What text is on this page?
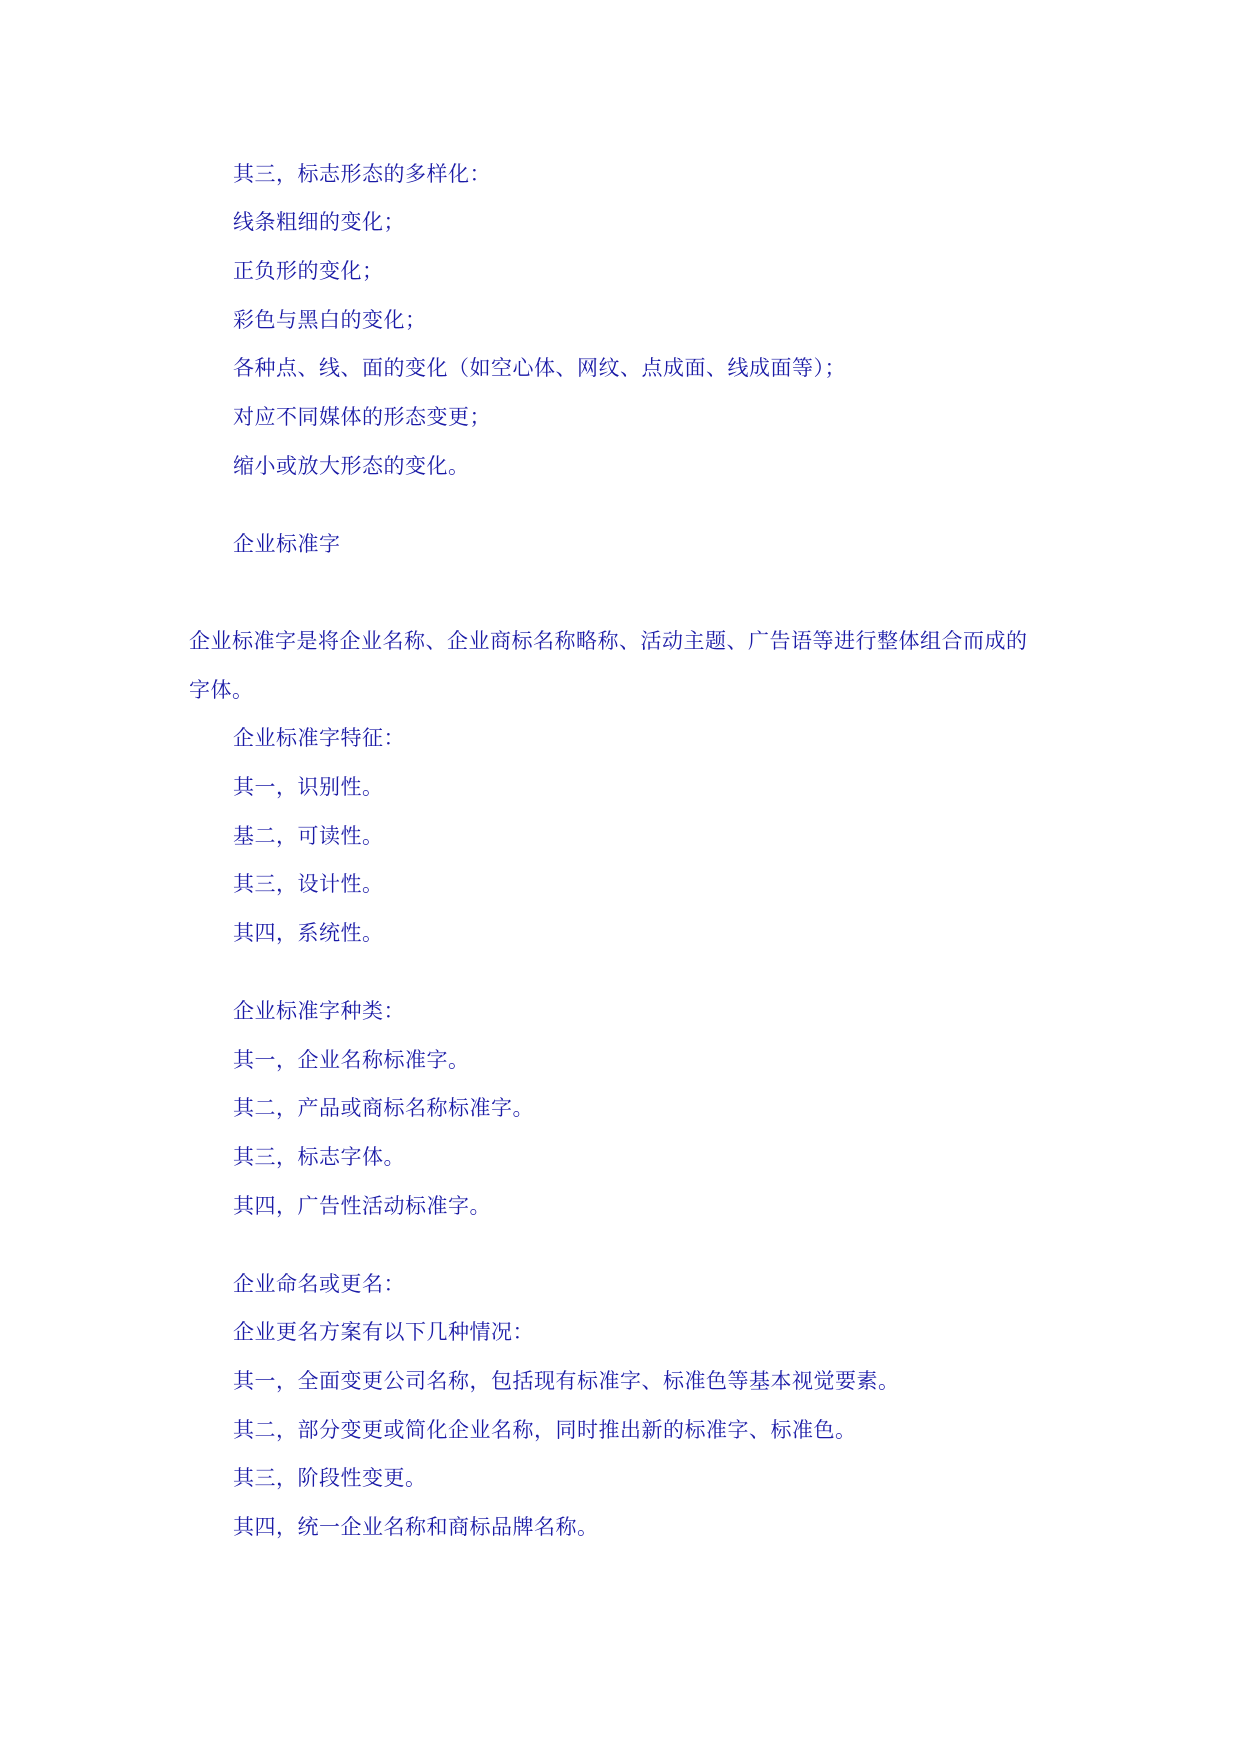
其三，标志形态的多样化：
线条粗细的变化；
正负形的变化；
彩色与黑白的变化；
各种点、线、面的变化（如空心体、网纹、点成面、线成面等）；
对应不同媒体的形态变更；
缩小或放大形态的变化。
企业标准字
企业标准字是将企业名称、企业商标名称略称、活动主题、广告语等进行整体组合而成的
字体。
企业标准字特征：
其一，识别性。
基二，可读性。
其三，设计性。
其四，系统性。
企业标准字种类：
其一，企业名称标准字。
其二，产品或商标名称标准字。
其三，标志字体。
其四，广告性活动标准字。
企业命名或更名：
企业更名方案有以下几种情况：
其一，全面变更公司名称，包括现有标准字、标准色等基本视觉要素。
其二，部分变更或简化企业名称，同时推出新的标准字、标准色。
其三，阶段性变更。
其四，统一企业名称和商标品牌名称。
